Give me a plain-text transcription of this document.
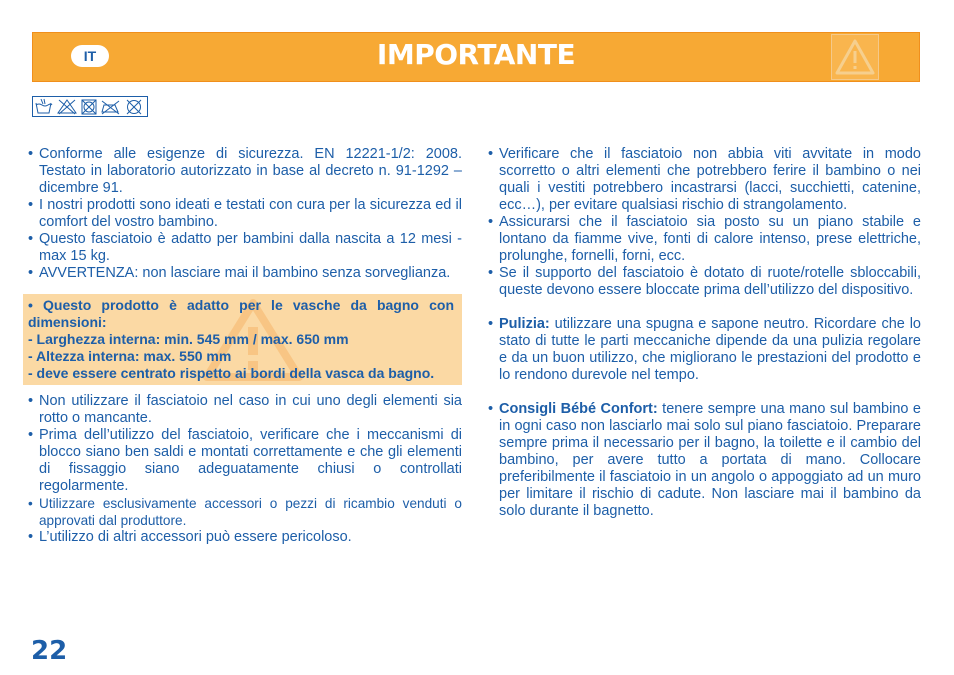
IT	IMPORTANTE

• Conforme alle esigenze di sicurezza. EN 12221-1/2: 2008. Testato in laboratorio autorizzato in base al decreto n. 91-1292 – dicembre 91.

• I nostri prodotti sono ideati e testati con cura per la sicurezza ed il comfort del vostro bambino.

• Questo fasciatoio è adatto per bambini dalla nascita a 12 mesi - max 15 kg.

• AVVERTENZA: non lasciare mai il bambino senza sorveglianza.

• Questo prodotto è adatto per le vasche da bagno con dimensioni:
- Larghezza interna: min. 545 mm / max. 650 mm
- Altezza interna: max. 550 mm
- deve essere centrato rispetto ai bordi della vasca da bagno.

• Non utilizzare il fasciatoio nel caso in cui uno degli elementi sia rotto o mancante.

• Prima dell’utilizzo del fasciatoio, verificare che i meccanismi di blocco siano ben saldi e montati correttamente e che gli elementi di fissaggio siano adeguatamente chiusi o controllati regolarmente.

• Utilizzare esclusivamente accessori o pezzi di ricambio venduti o approvati dal produttore.

• L’utilizzo di altri accessori può essere pericoloso.

• Verificare che il fasciatoio non abbia viti avvitate in modo scorretto o altri elementi che potrebbero ferire il bambino o nei quali i vestiti potrebbero incastrarsi (lacci, succhietti, catenine, ecc…), per evitare qualsiasi rischio di strangolamento.

• Assicurarsi che il fasciatoio sia posto su un piano stabile e lontano da fiamme vive, fonti di calore intenso, prese elettriche, prolunghe, fornelli, forni, ecc.

• Se il supporto del fasciatoio è dotato di ruote/rotelle sbloccabili, queste devono essere bloccate prima dell’utilizzo del dispositivo.

• Pulizia: utilizzare una spugna e sapone neutro. Ricordare che lo stato di tutte le parti meccaniche dipende da una pulizia regolare e da un buon utilizzo, che migliorano le prestazioni del prodotto e lo rendono durevole nel tempo.

• Consigli Bébé Confort: tenere sempre una mano sul bambino e in ogni caso non lasciarlo mai solo sul piano fasciatoio. Preparare sempre prima il necessario per il bagno, la toilette e il cambio del bambino, per avere tutto a portata di mano. Collocare preferibilmente il fasciatoio in un angolo o appoggiato ad un muro per limitare il rischio di cadute. Non lasciare mai il bambino da solo durante il bagnetto.

22
